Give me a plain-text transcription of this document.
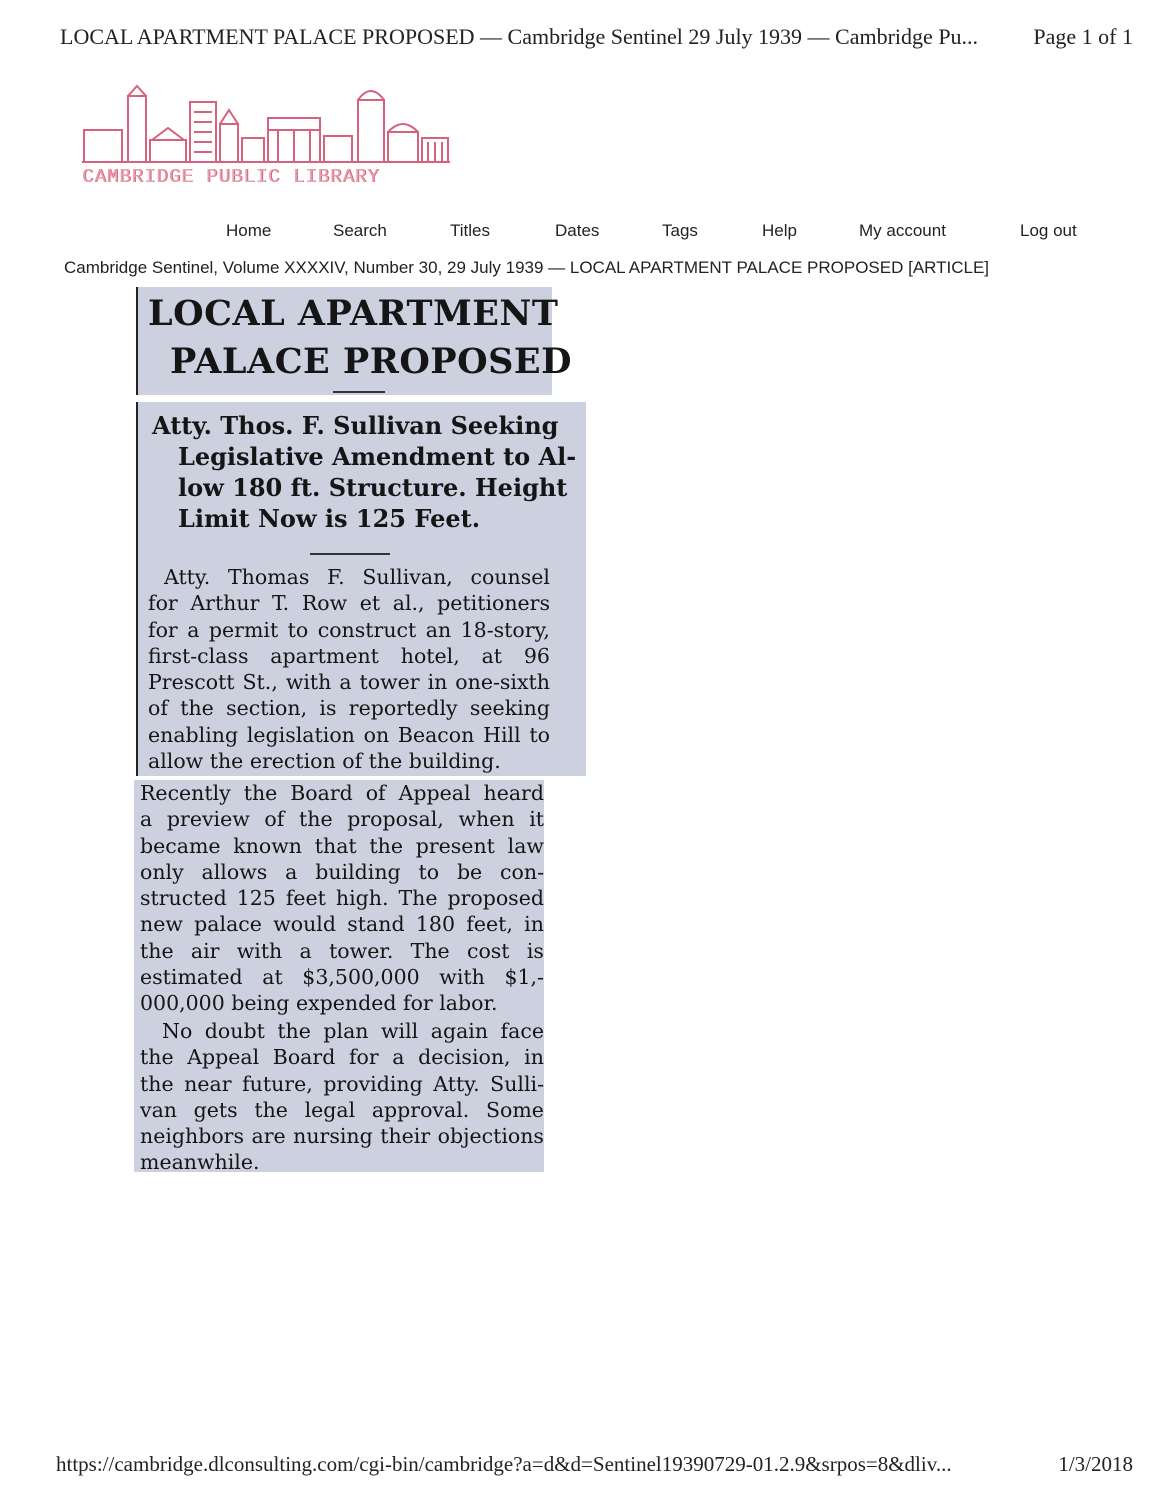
LOCAL APARTMENT PALACE PROPOSED — Cambridge Sentinel 29 July 1939 — Cambridge Pu...	Page 1 of 1
CAMBRIDGE PUBLIC LIBRARY
Home	Search	Titles	Dates	Tags	Help	My account	Log out
Cambridge Sentinel, Volume XXXXIV, Number 30, 29 July 1939 — LOCAL APARTMENT PALACE PROPOSED [ARTICLE]
LOCAL APARTMENT
PALACE PROPOSED
Atty. Thos. F. Sullivan Seeking
Legislative Amendment to Al-
low 180 ft. Structure. Height
Limit Now is 125 Feet.
Atty. Thomas F. Sullivan, counsel
for Arthur T. Row et al., petitioners
for a permit to construct an 18-story,
first-class apartment hotel, at 96
Prescott St., with a tower in one-sixth
of the section, is reportedly seeking
enabling legislation on Beacon Hill to
allow the erection of the building.
Recently the Board of Appeal heard
a preview of the proposal, when it
became known that the present law
only allows a building to be con-
structed 125 feet high. The proposed
new palace would stand 180 feet, in
the air with a tower. The cost is
estimated at $3,500,000 with $1,-
000,000 being expended for labor.
No doubt the plan will again face
the Appeal Board for a decision, in
the near future, providing Atty. Sulli-
van gets the legal approval. Some
neighbors are nursing their objections
meanwhile.
https://cambridge.dlconsulting.com/cgi-bin/cambridge?a=d&d=Sentinel19390729-01.2.9&srpos=8&dliv...	1/3/2018
